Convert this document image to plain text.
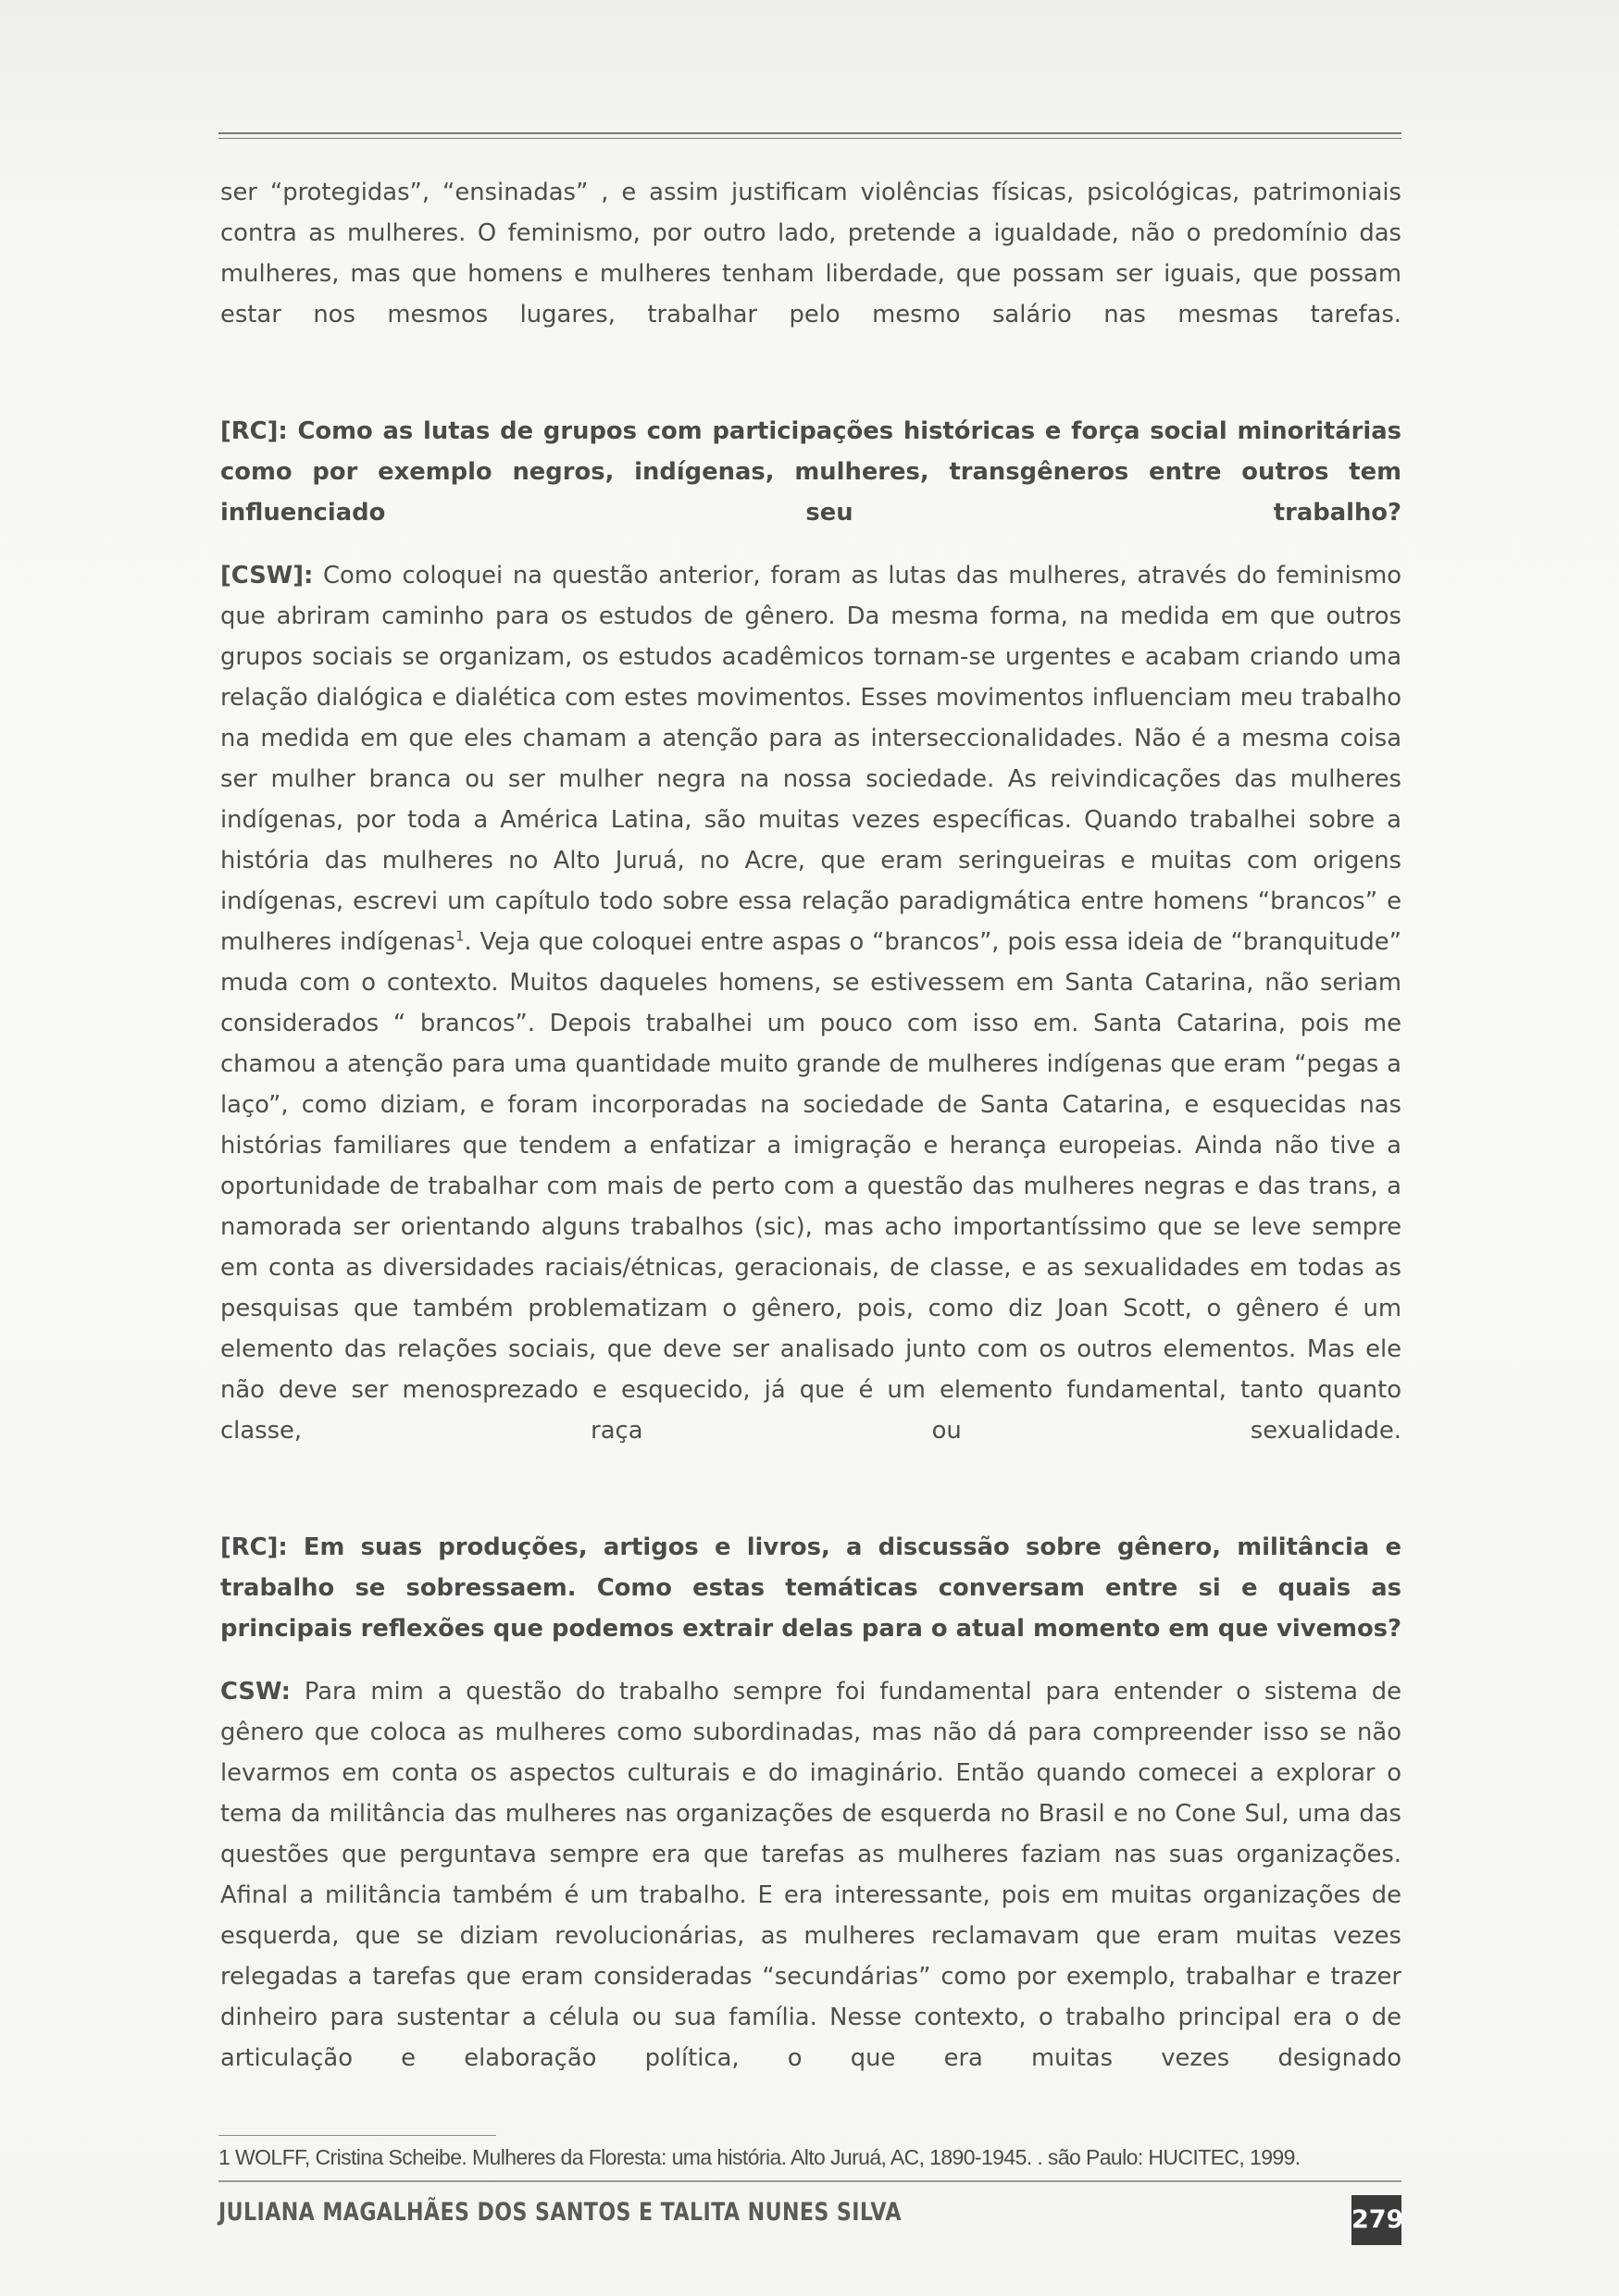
ser “protegidas”, “ensinadas” , e assim justificam violências físicas, psicológicas, patrimoniais contra as mulheres. O feminismo, por outro lado, pretende a igualdade, não o predomínio das mulheres, mas que homens e mulheres tenham liberdade, que possam ser iguais, que possam estar nos mesmos lugares, trabalhar pelo mesmo salário nas mesmas tarefas.

[RC]: Como as lutas de grupos com participações históricas e força social minoritárias como por exemplo negros, indígenas, mulheres, transgêneros entre outros tem influenciado seu trabalho?

[CSW]: Como coloquei na questão anterior, foram as lutas das mulheres, através do feminismo que abriram caminho para os estudos de gênero. Da mesma forma, na medida em que outros grupos sociais se organizam, os estudos acadêmicos tornam-se urgentes e acabam criando uma relação dialógica e dialética com estes movimentos. Esses movimentos influenciam meu trabalho na medida em que eles chamam a atenção para as interseccionalidades. Não é a mesma coisa ser mulher branca ou ser mulher negra na nossa sociedade. As reivindicações das mulheres indígenas, por toda a América Latina, são muitas vezes específicas. Quando trabalhei sobre a história das mulheres no Alto Juruá, no Acre, que eram seringueiras e muitas com origens indígenas, escrevi um capítulo todo sobre essa relação paradigmática entre homens “brancos” e mulheres indígenas$^1$. Veja que coloquei entre aspas o “brancos”, pois essa ideia de “branquitude” muda com o contexto. Muitos daqueles homens, se estivessem em Santa Catarina, não seriam considerados “ brancos”. Depois trabalhei um pouco com isso em. Santa Catarina, pois me chamou a atenção para uma quantidade muito grande de mulheres indígenas que eram “pegas a laço”, como diziam, e foram incorporadas na sociedade de Santa Catarina, e esquecidas nas histórias familiares que tendem a enfatizar a imigração e herança europeias. Ainda não tive a oportunidade de trabalhar com mais de perto com a questão das mulheres negras e das trans, a namorada ser orientando alguns trabalhos (sic), mas acho importantíssimo que se leve sempre em conta as diversidades raciais/étnicas, geracionais, de classe, e as sexualidades em todas as pesquisas que também problematizam o gênero, pois, como diz Joan Scott, o gênero é um elemento das relações sociais, que deve ser analisado junto com os outros elementos. Mas ele não deve ser menosprezado e esquecido, já que é um elemento fundamental, tanto quanto classe, raça ou sexualidade.

[RC]: Em suas produções, artigos e livros, a discussão sobre gênero, militância e trabalho se sobressaem. Como estas temáticas conversam entre si e quais as principais reflexões que podemos extrair delas para o atual momento em que vivemos?

CSW: Para mim a questão do trabalho sempre foi fundamental para entender o sistema de gênero que coloca as mulheres como subordinadas, mas não dá para compreender isso se não levarmos em conta os aspectos culturais e do imaginário. Então quando comecei a explorar o tema da militância das mulheres nas organizações de esquerda no Brasil e no Cone Sul, uma das questões que perguntava sempre era que tarefas as mulheres faziam nas suas organizações. Afinal a militância também é um trabalho. E era interessante, pois em muitas organizações de esquerda, que se diziam revolucionárias, as mulheres reclamavam que eram muitas vezes relegadas a tarefas que eram consideradas “secundárias” como por exemplo, trabalhar e trazer dinheiro para sustentar a célula ou sua família. Nesse contexto, o trabalho principal era o de articulação e elaboração política, o que era muitas vezes designado

1 WOLFF, Cristina Scheibe. Mulheres da Floresta: uma história. Alto Juruá, AC, 1890-1945. . são Paulo: HUCITEC, 1999.
JULIANA MAGALHÃES DOS SANTOS E TALITA NUNES SILVA	279
